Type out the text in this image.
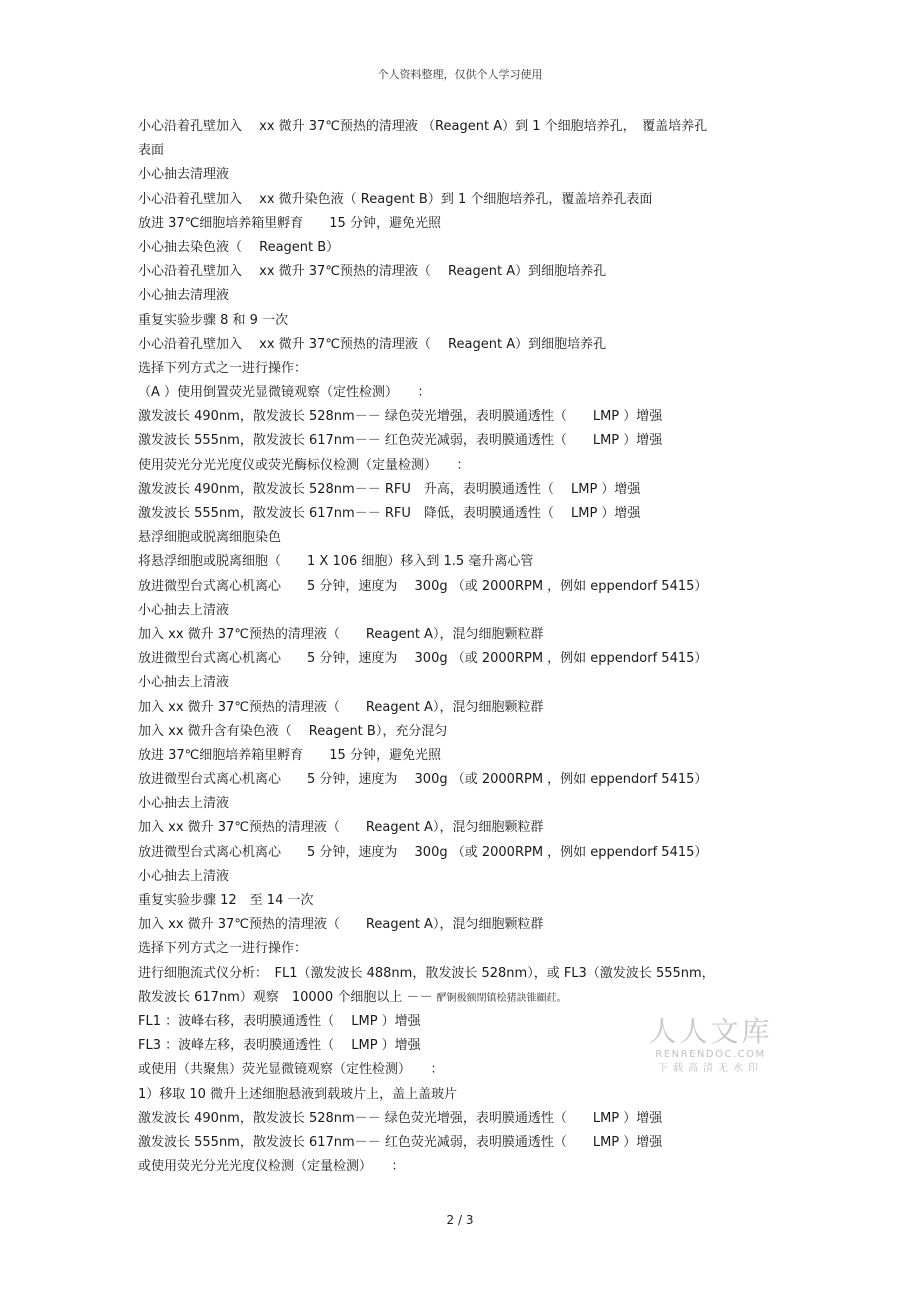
个人资料整理，仅供个人学习使用
小心沿着孔壁加入　 xx 微升 37℃预热的清理液 （Reagent A）到 1 个细胞培养孔，　覆盖培养孔
表面
小心抽去清理液
小心沿着孔壁加入　 xx 微升染色液（ Reagent B）到 1 个细胞培养孔，覆盖培养孔表面
放进 37℃细胞培养箱里孵育　　15 分钟，避免光照
小心抽去染色液（　 Reagent B）
小心沿着孔壁加入　 xx 微升 37℃预热的清理液（　 Reagent A）到细胞培养孔
小心抽去清理液
重复实验步骤 8 和 9 一次
小心沿着孔壁加入　 xx 微升 37℃预热的清理液（　 Reagent A）到细胞培养孔
选择下列方式之一进行操作：
（A ）使用倒置荧光显微镜观察（定性检测）　　：
激发波长 490nm，散发波长 528nm－－ 绿色荧光增强，表明膜通透性（　　LMP ）增强
激发波长 555nm，散发波长 617nm－－ 红色荧光减弱，表明膜通透性（　　LMP ）增强
使用荧光分光光度仪或荧光酶标仪检测（定量检测）　　：
激发波长 490nm，散发波长 528nm－－ RFU　升高，表明膜通透性（　 LMP ）增强
激发波长 555nm，散发波长 617nm－－ RFU　降低，表明膜通透性（　 LMP ）增强
悬浮细胞或脱离细胞染色
将悬浮细胞或脱离细胞（　　1 X 106 细胞）移入到 1.5 毫升离心管
放进微型台式离心机离心　　5 分钟，速度为　 300g （或 2000RPM ，例如 eppendorf 5415）
小心抽去上清液
加入 xx 微升 37℃预热的清理液（　　Reagent A），混匀细胞颗粒群
放进微型台式离心机离心　　5 分钟，速度为　 300g （或 2000RPM ，例如 eppendorf 5415）
小心抽去上清液
加入 xx 微升 37℃预热的清理液（　　Reagent A），混匀细胞颗粒群
加入 xx 微升含有染色液（　 Reagent B），充分混匀
放进 37℃细胞培养箱里孵育　　15 分钟，避免光照
放进微型台式离心机离心　　5 分钟，速度为　 300g （或 2000RPM ，例如 eppendorf 5415）
小心抽去上清液
加入 xx 微升 37℃预热的清理液（　　Reagent A），混匀细胞颗粒群
放进微型台式离心机离心　　5 分钟，速度为　 300g （或 2000RPM ，例如 eppendorf 5415）
小心抽去上清液
重复实验步骤 12　至 14 一次
加入 xx 微升 37℃预热的清理液（　　Reagent A），混匀细胞颗粒群
选择下列方式之一进行操作：
进行细胞流式仪分析：　FL1（激发波长 488nm，散发波长 528nm），或 FL3（激发波长 555nm，
散发波长 617nm）观察　10000 个细胞以上 －－ 酽锕极额閉镇桧猪訣锥顧荭。
FL1 ：波峰右移，表明膜通透性（　 LMP ）增强
FL3 ：波峰左移，表明膜通透性（　 LMP ）增强
或使用（共聚焦）荧光显微镜观察（定性检测）　　：
1）移取 10 微升上述细胞悬液到载玻片上，盖上盖玻片
激发波长 490nm，散发波长 528nm－－ 绿色荧光增强，表明膜通透性（　　LMP ）增强
激发波长 555nm，散发波长 617nm－－ 红色荧光减弱，表明膜通透性（　　LMP ）增强
或使用荧光分光光度仪检测（定量检测）　　：
人人文库
RENRENDOC.COM
下载高清无水印
2 / 3
